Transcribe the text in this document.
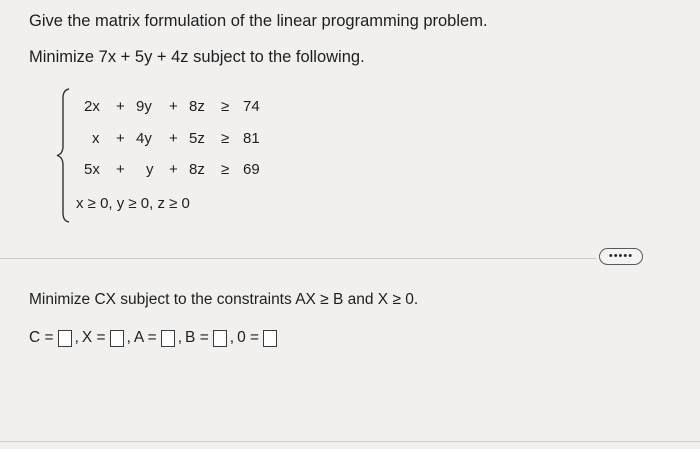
Give the matrix formulation of the linear programming problem.
Minimize 7x + 5y + 4z subject to the following.
2x + 9y + 8z ≥ 74
x + 4y + 5z ≥ 81
5x + y + 8z ≥ 69
x ≥ 0, y ≥ 0, z ≥ 0
•••••
Minimize CX subject to the constraints AX ≥ B and X ≥ 0.
C = , X = , A = , B = , 0 =
